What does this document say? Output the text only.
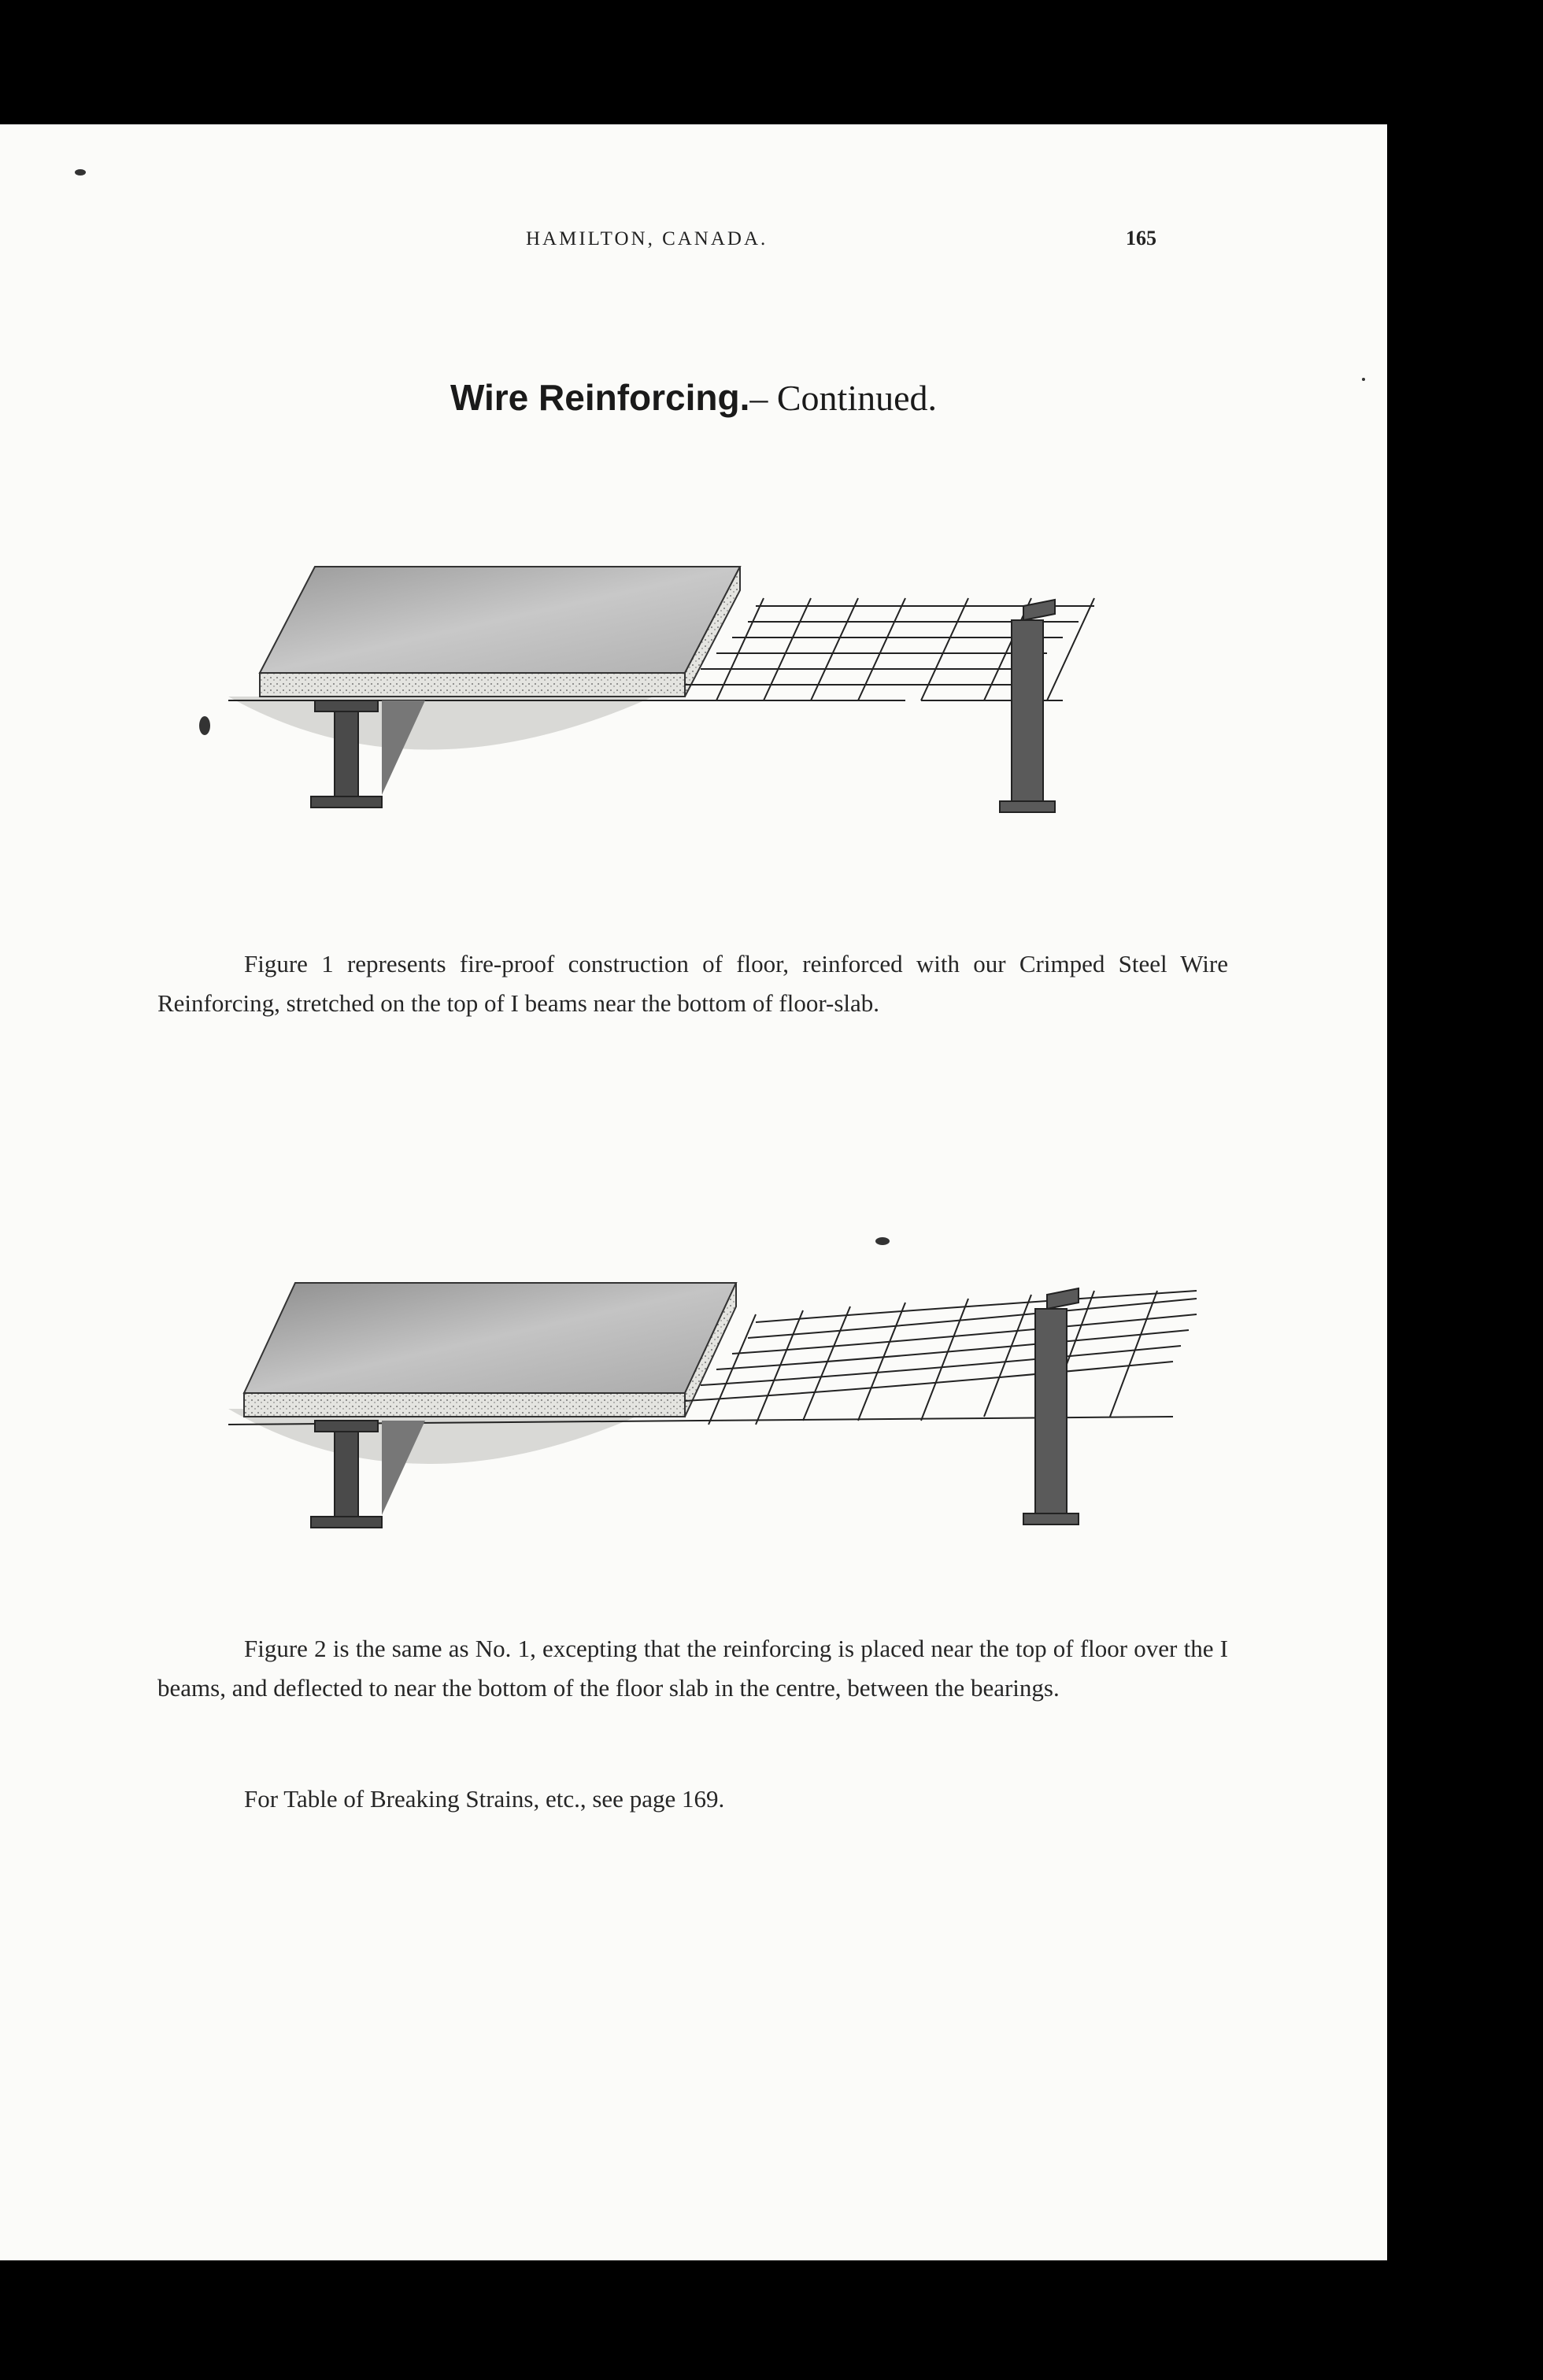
HAMILTON, CANADA.	165
Wire Reinforcing.– Continued.

Figure 1 represents fire-proof construction of floor, reinforced with our Crimped Steel Wire Reinforcing, stretched on the top of I beams near the bottom of floor-slab.

Figure 2 is the same as No. 1, excepting that the reinforcing is placed near the top of floor over the I beams, and deflected to near the bottom of the floor slab in the centre, between the bearings.

For Table of Breaking Strains, etc., see page 169.
